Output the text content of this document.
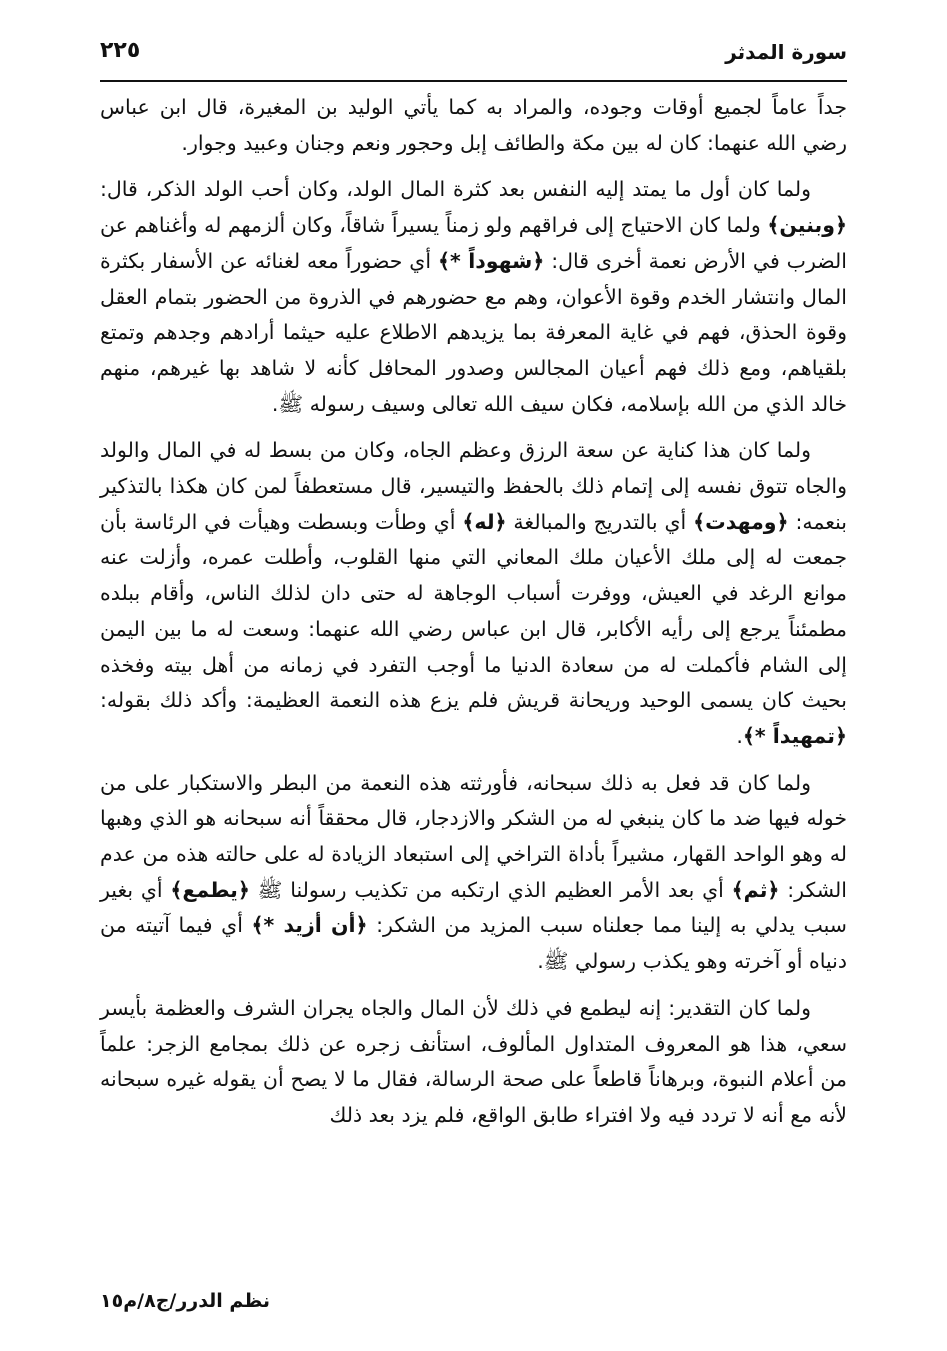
سورة المدثر
٢٢٥

جداً عاماً لجميع أوقات وجوده، والمراد به كما يأتي الوليد بن المغيرة، قال ابن عباس رضي الله عنهما: كان له بين مكة والطائف إبل وحجور ونعم وجنان وعبيد وجوار.

ولما كان أول ما يمتد إليه النفس بعد كثرة المال الولد، وكان أحب الولد الذكر، قال: ﴿وبنين﴾ ولما كان الاحتياج إلى فراقهم ولو زمناً يسيراً شاقاً، وكان ألزمهم له وأغناهم عن الضرب في الأرض نعمة أخرى قال: ﴿شهوداً *﴾ أي حضوراً معه لغنائه عن الأسفار بكثرة المال وانتشار الخدم وقوة الأعوان، وهم مع حضورهم في الذروة من الحضور بتمام العقل وقوة الحذق، فهم في غاية المعرفة بما يزيدهم الاطلاع عليه حيثما أرادهم وجدهم وتمتع بلقياهم، ومع ذلك فهم أعيان المجالس وصدور المحافل كأنه لا شاهد بها غيرهم، منهم خالد الذي من الله بإسلامه، فكان سيف الله تعالى وسيف رسوله ﷺ.

ولما كان هذا كناية عن سعة الرزق وعظم الجاه، وكان من بسط له في المال والولد والجاه تتوق نفسه إلى إتمام ذلك بالحفظ والتيسير، قال مستعطفاً لمن كان هكذا بالتذكير بنعمه: ﴿ومهدت﴾ أي بالتدريج والمبالغة ﴿له﴾ أي وطأت وبسطت وهيأت في الرئاسة بأن جمعت له إلى ملك الأعيان ملك المعاني التي منها القلوب، وأطلت عمره، وأزلت عنه موانع الرغد في العيش، ووفرت أسباب الوجاهة له حتى دان لذلك الناس، وأقام ببلده مطمئناً يرجع إلى رأيه الأكابر، قال ابن عباس رضي الله عنهما: وسعت له ما بين اليمن إلى الشام فأكملت له من سعادة الدنيا ما أوجب التفرد في زمانه من أهل بيته وفخذه بحيث كان يسمى الوحيد وريحانة قريش فلم يزع هذه النعمة العظيمة: وأكد ذلك بقوله: ﴿تمهيداً *﴾.

ولما كان قد فعل به ذلك سبحانه، فأورثته هذه النعمة من البطر والاستكبار على من خوله فيها ضد ما كان ينبغي له من الشكر والازدجار، قال محققاً أنه سبحانه هو الذي وهبها له وهو الواحد القهار، مشيراً بأداة التراخي إلى استبعاد الزيادة له على حالته هذه من عدم الشكر: ﴿ثم﴾ أي بعد الأمر العظيم الذي ارتكبه من تكذيب رسولنا ﷺ ﴿يطمع﴾ أي بغير سبب يدلي به إلينا مما جعلناه سبب المزيد من الشكر: ﴿أن أزيد *﴾ أي فيما آتيته من دنياه أو آخرته وهو يكذب رسولي ﷺ.

ولما كان التقدير: إنه ليطمع في ذلك لأن المال والجاه يجران الشرف والعظمة بأيسر سعي، هذا هو المعروف المتداول المألوف، استأنف زجره عن ذلك بمجامع الزجر: علماً من أعلام النبوة، وبرهاناً قاطعاً على صحة الرسالة، فقال ما لا يصح أن يقوله غيره سبحانه لأنه مع أنه لا تردد فيه ولا افتراء طابق الواقع، فلم يزد بعد ذلك

نظم الدرر/ج٨/م١٥
